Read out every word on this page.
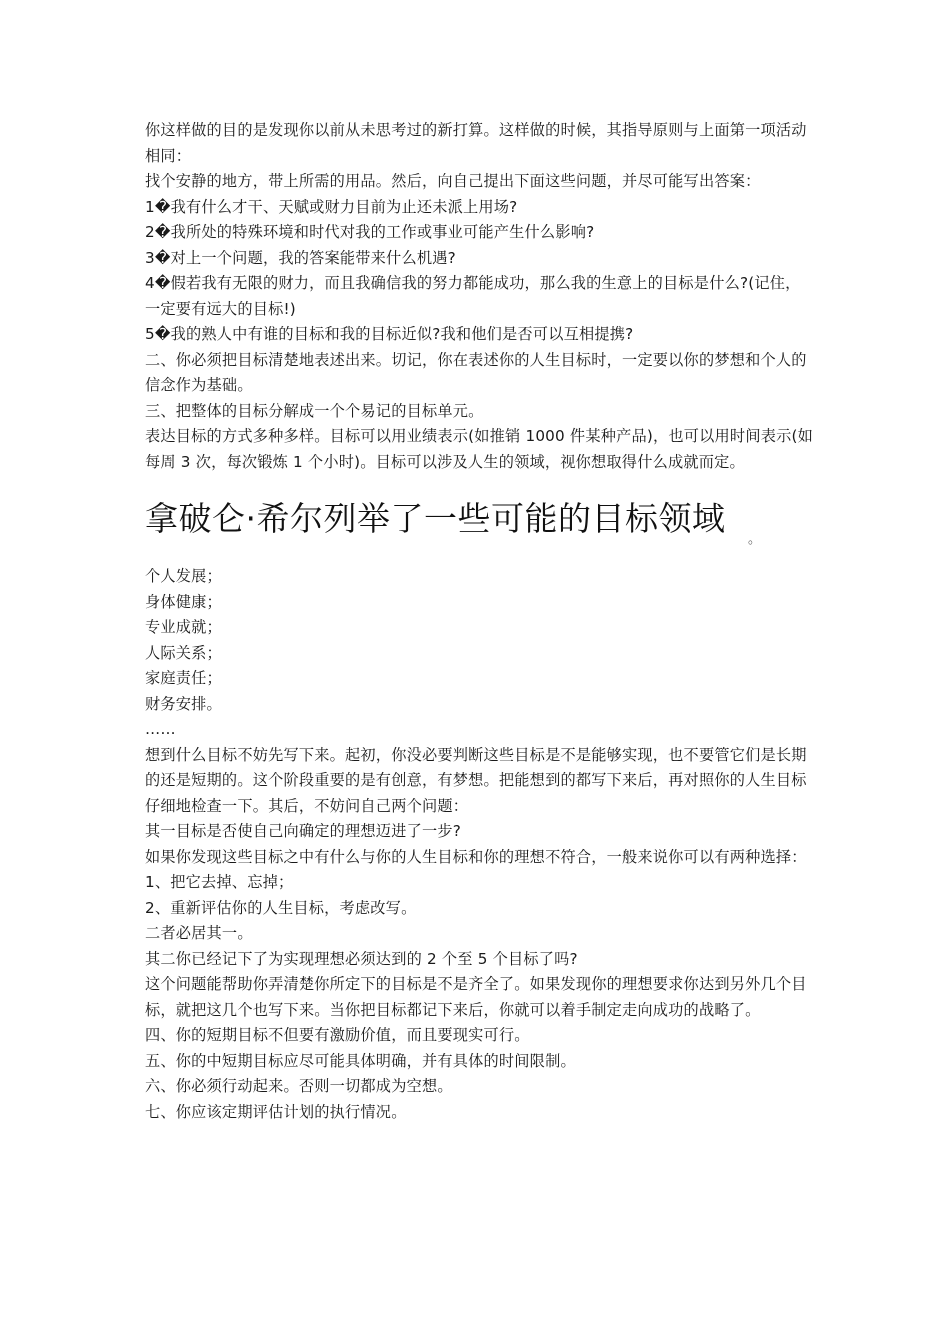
你这样做的目的是发现你以前从未思考过的新打算。这样做的时候，其指导原则与上面第一项活动相同：

找个安静的地方，带上所需的用品。然后，向自己提出下面这些问题，并尽可能写出答案：

1�我有什么才干、天赋或财力目前为止还未派上用场?

2�我所处的特殊环境和时代对我的工作或事业可能产生什么影响?

3�对上一个问题，我的答案能带来什么机遇?

4�假若我有无限的财力，而且我确信我的努力都能成功，那么我的生意上的目标是什么?(记住，一定要有远大的目标!)

5�我的熟人中有谁的目标和我的目标近似?我和他们是否可以互相提携?

二、你必须把目标清楚地表述出来。切记，你在表述你的人生目标时，一定要以你的梦想和个人的信念作为基础。

三、把整体的目标分解成一个个易记的目标单元。

表达目标的方式多种多样。目标可以用业绩表示(如推销 1000 件某种产品)，也可以用时间表示(如每周 3 次，每次锻炼 1 个小时)。目标可以涉及人生的领域，视你想取得什么成就而定。

拿破仑·希尔列举了一些可能的目标领域
。

个人发展；

身体健康；

专业成就；

人际关系；

家庭责任；

财务安排。

……

想到什么目标不妨先写下来。起初，你没必要判断这些目标是不是能够实现，也不要管它们是长期的还是短期的。这个阶段重要的是有创意，有梦想。把能想到的都写下来后，再对照你的人生目标仔细地检查一下。其后，不妨问自己两个问题：

其一目标是否使自己向确定的理想迈进了一步?

如果你发现这些目标之中有什么与你的人生目标和你的理想不符合，一般来说你可以有两种选择：

1、把它去掉、忘掉；

2、重新评估你的人生目标，考虑改写。

二者必居其一。

其二你已经记下了为实现理想必须达到的 2 个至 5 个目标了吗?

这个问题能帮助你弄清楚你所定下的目标是不是齐全了。如果发现你的理想要求你达到另外几个目标，就把这几个也写下来。当你把目标都记下来后，你就可以着手制定走向成功的战略了。

四、你的短期目标不但要有激励价值，而且要现实可行。

五、你的中短期目标应尽可能具体明确，并有具体的时间限制。

六、你必须行动起来。否则一切都成为空想。

七、你应该定期评估计划的执行情况。
